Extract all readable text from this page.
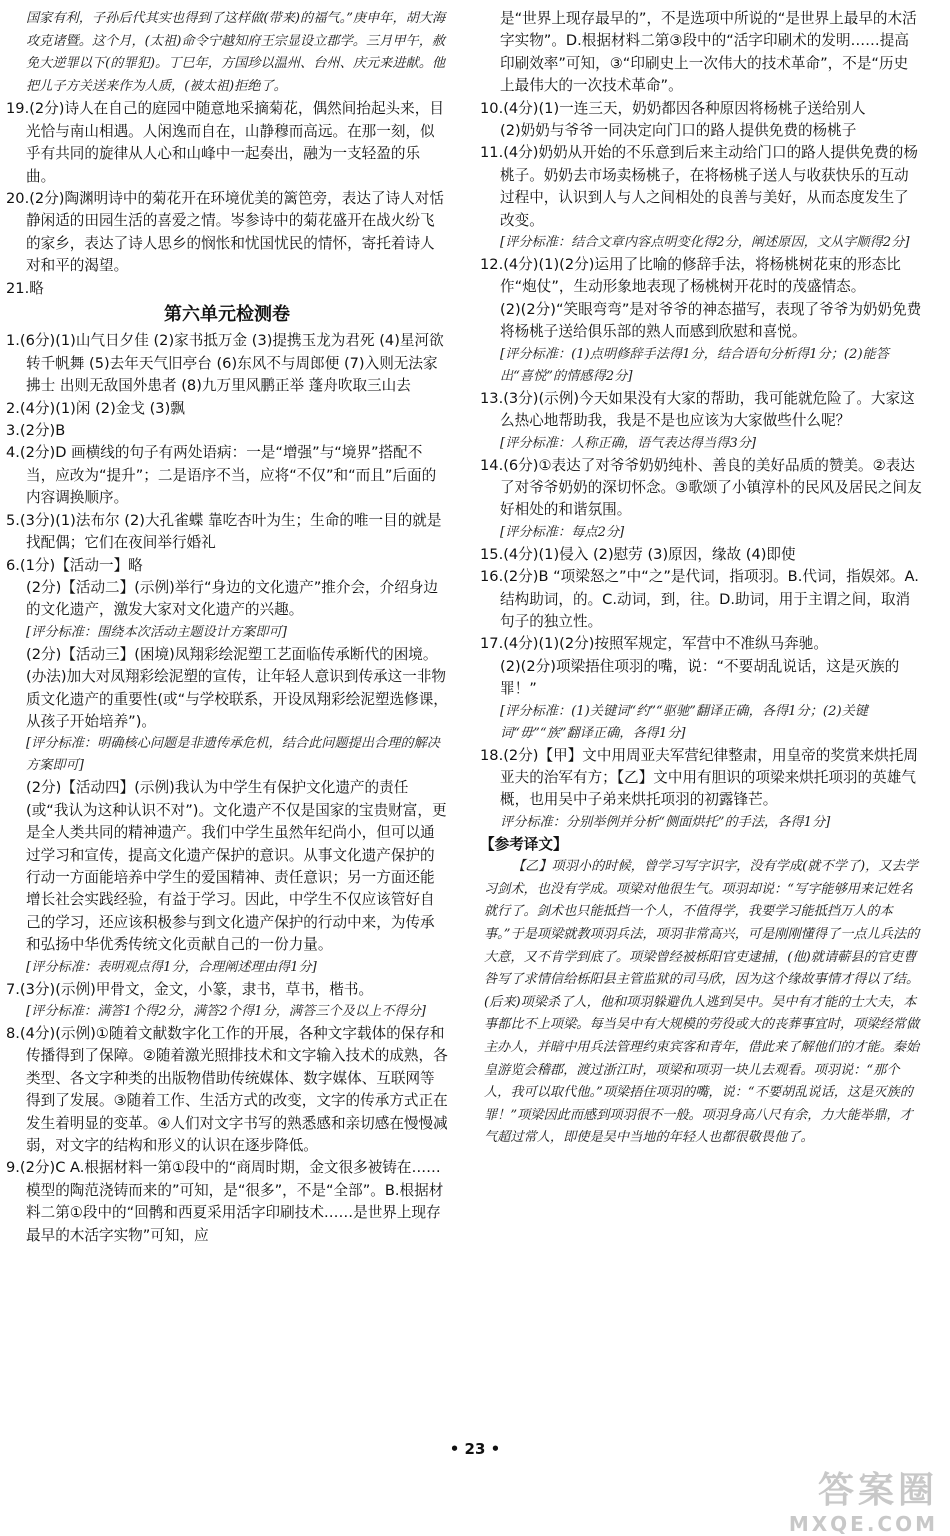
国家有利，子孙后代其实也得到了这样做(带来)的福气。”庚申年，胡大海攻克诸暨。这个月，(太祖)命令宁越知府王宗显设立郡学。三月甲午，赦免大逆罪以下(的罪犯)。丁巳年，方国珍以温州、台州、庆元来进献。他把儿子方关送来作为人质，(被太祖)拒绝了。

19.(2分)诗人在自己的庭园中随意地采摘菊花，偶然间抬起头来，目光恰与南山相遇。人闲逸而自在，山静穆而高远。在那一刻，似乎有共同的旋律从人心和山峰中一起奏出，融为一支轻盈的乐曲。

20.(2分)陶渊明诗中的菊花开在环境优美的篱笆旁，表达了诗人对恬静闲适的田园生活的喜爱之情。岑参诗中的菊花盛开在战火纷飞的家乡，表达了诗人思乡的悯怅和忧国忧民的情怀，寄托着诗人对和平的渴望。

21.略

第六单元检测卷

1.(6分)(1)山气日夕佳 (2)家书抵万金 (3)提携玉龙为君死 (4)星河欲转千帆舞 (5)去年天气旧亭台 (6)东风不与周郎便 (7)入则无法家拂士 出则无敌国外患者 (8)九万里风鹏正举 蓬舟吹取三山去

2.(4分)(1)闲 (2)金戈 (3)飘

3.(2分)B

4.(2分)D 画横线的句子有两处语病：一是“增强”与“境界”搭配不当，应改为“提升”；二是语序不当，应将“不仅”和“而且”后面的内容调换顺序。

5.(3分)(1)法布尔 (2)大孔雀蝶 靠吃杏叶为生；生命的唯一目的就是找配偶；它们在夜间举行婚礼

6.(1分)【活动一】略

(2分)【活动二】(示例)举行“身边的文化遗产”推介会，介绍身边的文化遗产，激发大家对文化遗产的兴趣。

[评分标准：围绕本次活动主题设计方案即可]

(2分)【活动三】(困境)凤翔彩绘泥塑工艺面临传承断代的困境。

(办法)加大对凤翔彩绘泥塑的宣传，让年轻人意识到传承这一非物质文化遗产的重要性(或“与学校联系，开设凤翔彩绘泥塑选修课，从孩子开始培养”)。

[评分标准：明确核心问题是非遗传承危机，结合此问题提出合理的解决方案即可]

(2分)【活动四】(示例)我认为中学生有保护文化遗产的责任(或“我认为这种认识不对”)。文化遗产不仅是国家的宝贵财富，更是全人类共同的精神遗产。我们中学生虽然年纪尚小，但可以通过学习和宣传，提高文化遗产保护的意识。从事文化遗产保护的行动一方面能培养中学生的爱国精神、责任意识；另一方面还能增长社会实践经验，有益于学习。因此，中学生不仅应该管好自己的学习，还应该积极参与到文化遗产保护的行动中来，为传承和弘扬中华优秀传统文化贡献自己的一份力量。

[评分标准：表明观点得1分，合理阐述理由得1分]

7.(3分)(示例)甲骨文，金文，小篆，隶书，草书，楷书。

[评分标准：满答1个得2分，满答2个得1分，满答三个及以上不得分]

8.(4分)(示例)①随着文献数字化工作的开展，各种文字载体的保存和传播得到了保障。②随着激光照排技术和文字输入技术的成熟，各类型、各文字种类的出版物借助传统媒体、数字媒体、互联网等得到了发展。③随着工作、生活方式的改变，文字的传承方式正在发生着明显的变革。④人们对文字书写的熟悉感和亲切感在慢慢减弱，对文字的结构和形义的认识在逐步降低。

9.(2分)C A.根据材料一第①段中的“商周时期，金文很多被铸在……模型的陶范浇铸而来的”可知，是“很多”，不是“全部”。B.根据材料二第①段中的“回鹘和西夏采用活字印刷技术……是世界上现存最早的木活字实物”可知，应

是“世界上现存最早的”，不是选项中所说的“是世界上最早的木活字实物”。D.根据材料二第③段中的“活字印刷术的发明……提高印刷效率”可知，③“印刷史上一次伟大的技术革命”，不是“历史上最伟大的一次技术革命”。

10.(4分)(1)一连三天，奶奶都因各种原因将杨桃子送给别人

(2)奶奶与爷爷一同决定向门口的路人提供免费的杨桃子

11.(4分)奶奶从开始的不乐意到后来主动给门口的路人提供免费的杨桃子。奶奶去市场卖杨桃子，在将杨桃子送人与收获快乐的互动过程中，认识到人与人之间相处的良善与美好，从而态度发生了改变。

[评分标准：结合文章内容点明变化得2分，阐述原因，文从字顺得2分]

12.(4分)(1)(2分)运用了比喻的修辞手法，将杨桃树花束的形态比作“炮仗”，生动形象地表现了杨桃树开花时的茂盛情态。

(2)(2分)“笑眼弯弯”是对爷爷的神态描写，表现了爷爷为奶奶免费将杨桃子送给俱乐部的熟人而感到欣慰和喜悦。

[评分标准：(1)点明修辞手法得1分，结合语句分析得1分；(2)能答出“喜悦”的情感得2分]

13.(3分)(示例)今天如果没有大家的帮助，我可能就危险了。大家这么热心地帮助我，我是不是也应该为大家做些什么呢？

[评分标准：人称正确，语气表达得当得3分]

14.(6分)①表达了对爷爷奶奶纯朴、善良的美好品质的赞美。②表达了对爷爷奶奶的深切怀念。③歌颂了小镇淳朴的民风及居民之间友好相处的和谐氛围。

[评分标准：每点2分]

15.(4分)(1)侵入 (2)慰劳 (3)原因，缘故 (4)即使

16.(2分)B “项梁怒之”中“之”是代词，指项羽。B.代词，指娱郊。A.结构助词，的。C.动词，到，往。D.助词，用于主谓之间，取消句子的独立性。

17.(4分)(1)(2分)按照军规定，军营中不准纵马奔驰。

(2)(2分)项梁捂住项羽的嘴，说：“不要胡乱说话，这是灭族的罪！”

[评分标准：(1)关键词“约”“驱驰”翻译正确，各得1分；(2)关键词“毋”“族”翻译正确，各得1分]

18.(2分)【甲】文中用周亚夫军营纪律整肃，用皇帝的奖赏来烘托周亚夫的治军有方；【乙】文中用有胆识的项梁来烘托项羽的英雄气概，也用吴中子弟来烘托项羽的初露锋芒。

评分标准：分别举例并分析“侧面烘托”的手法，各得1分]

【参考译文】

【乙】项羽小的时候，曾学习写字识字，没有学成(就不学了)，又去学习剑术，也没有学成。项梁对他很生气。项羽却说：“写字能够用来记姓名就行了。剑术也只能抵挡一个人，不值得学，我要学习能抵挡万人的本事。”于是项梁就教项羽兵法，项羽非常高兴，可是刚刚懂得了一点儿兵法的大意，又不肯学到底了。项梁曾经被栎阳官吏逮捕，(他)就请蕲县的官吏曹咎写了求情信给栎阳县主管监狱的司马欣，因为这个缘故事情才得以了结。(后来)项梁杀了人，他和项羽躲避仇人逃到吴中。吴中有才能的士大夫，本事都比不上项梁。每当吴中有大规模的劳役或大的丧葬事宜时，项梁经常做主办人，并暗中用兵法管理约束宾客和青年，借此来了解他们的才能。秦始皇游览会稽郡，渡过浙江时，项梁和项羽一块儿去观看。项羽说：“那个人，我可以取代他。”项梁捂住项羽的嘴，说：“不要胡乱说话，这是灭族的罪！”项梁因此而感到项羽很不一般。项羽身高八尺有余，力大能举鼎，才气超过常人，即使是吴中当地的年轻人也都很敬畏他了。

• 23 •
答案圈
MXQE.COM
